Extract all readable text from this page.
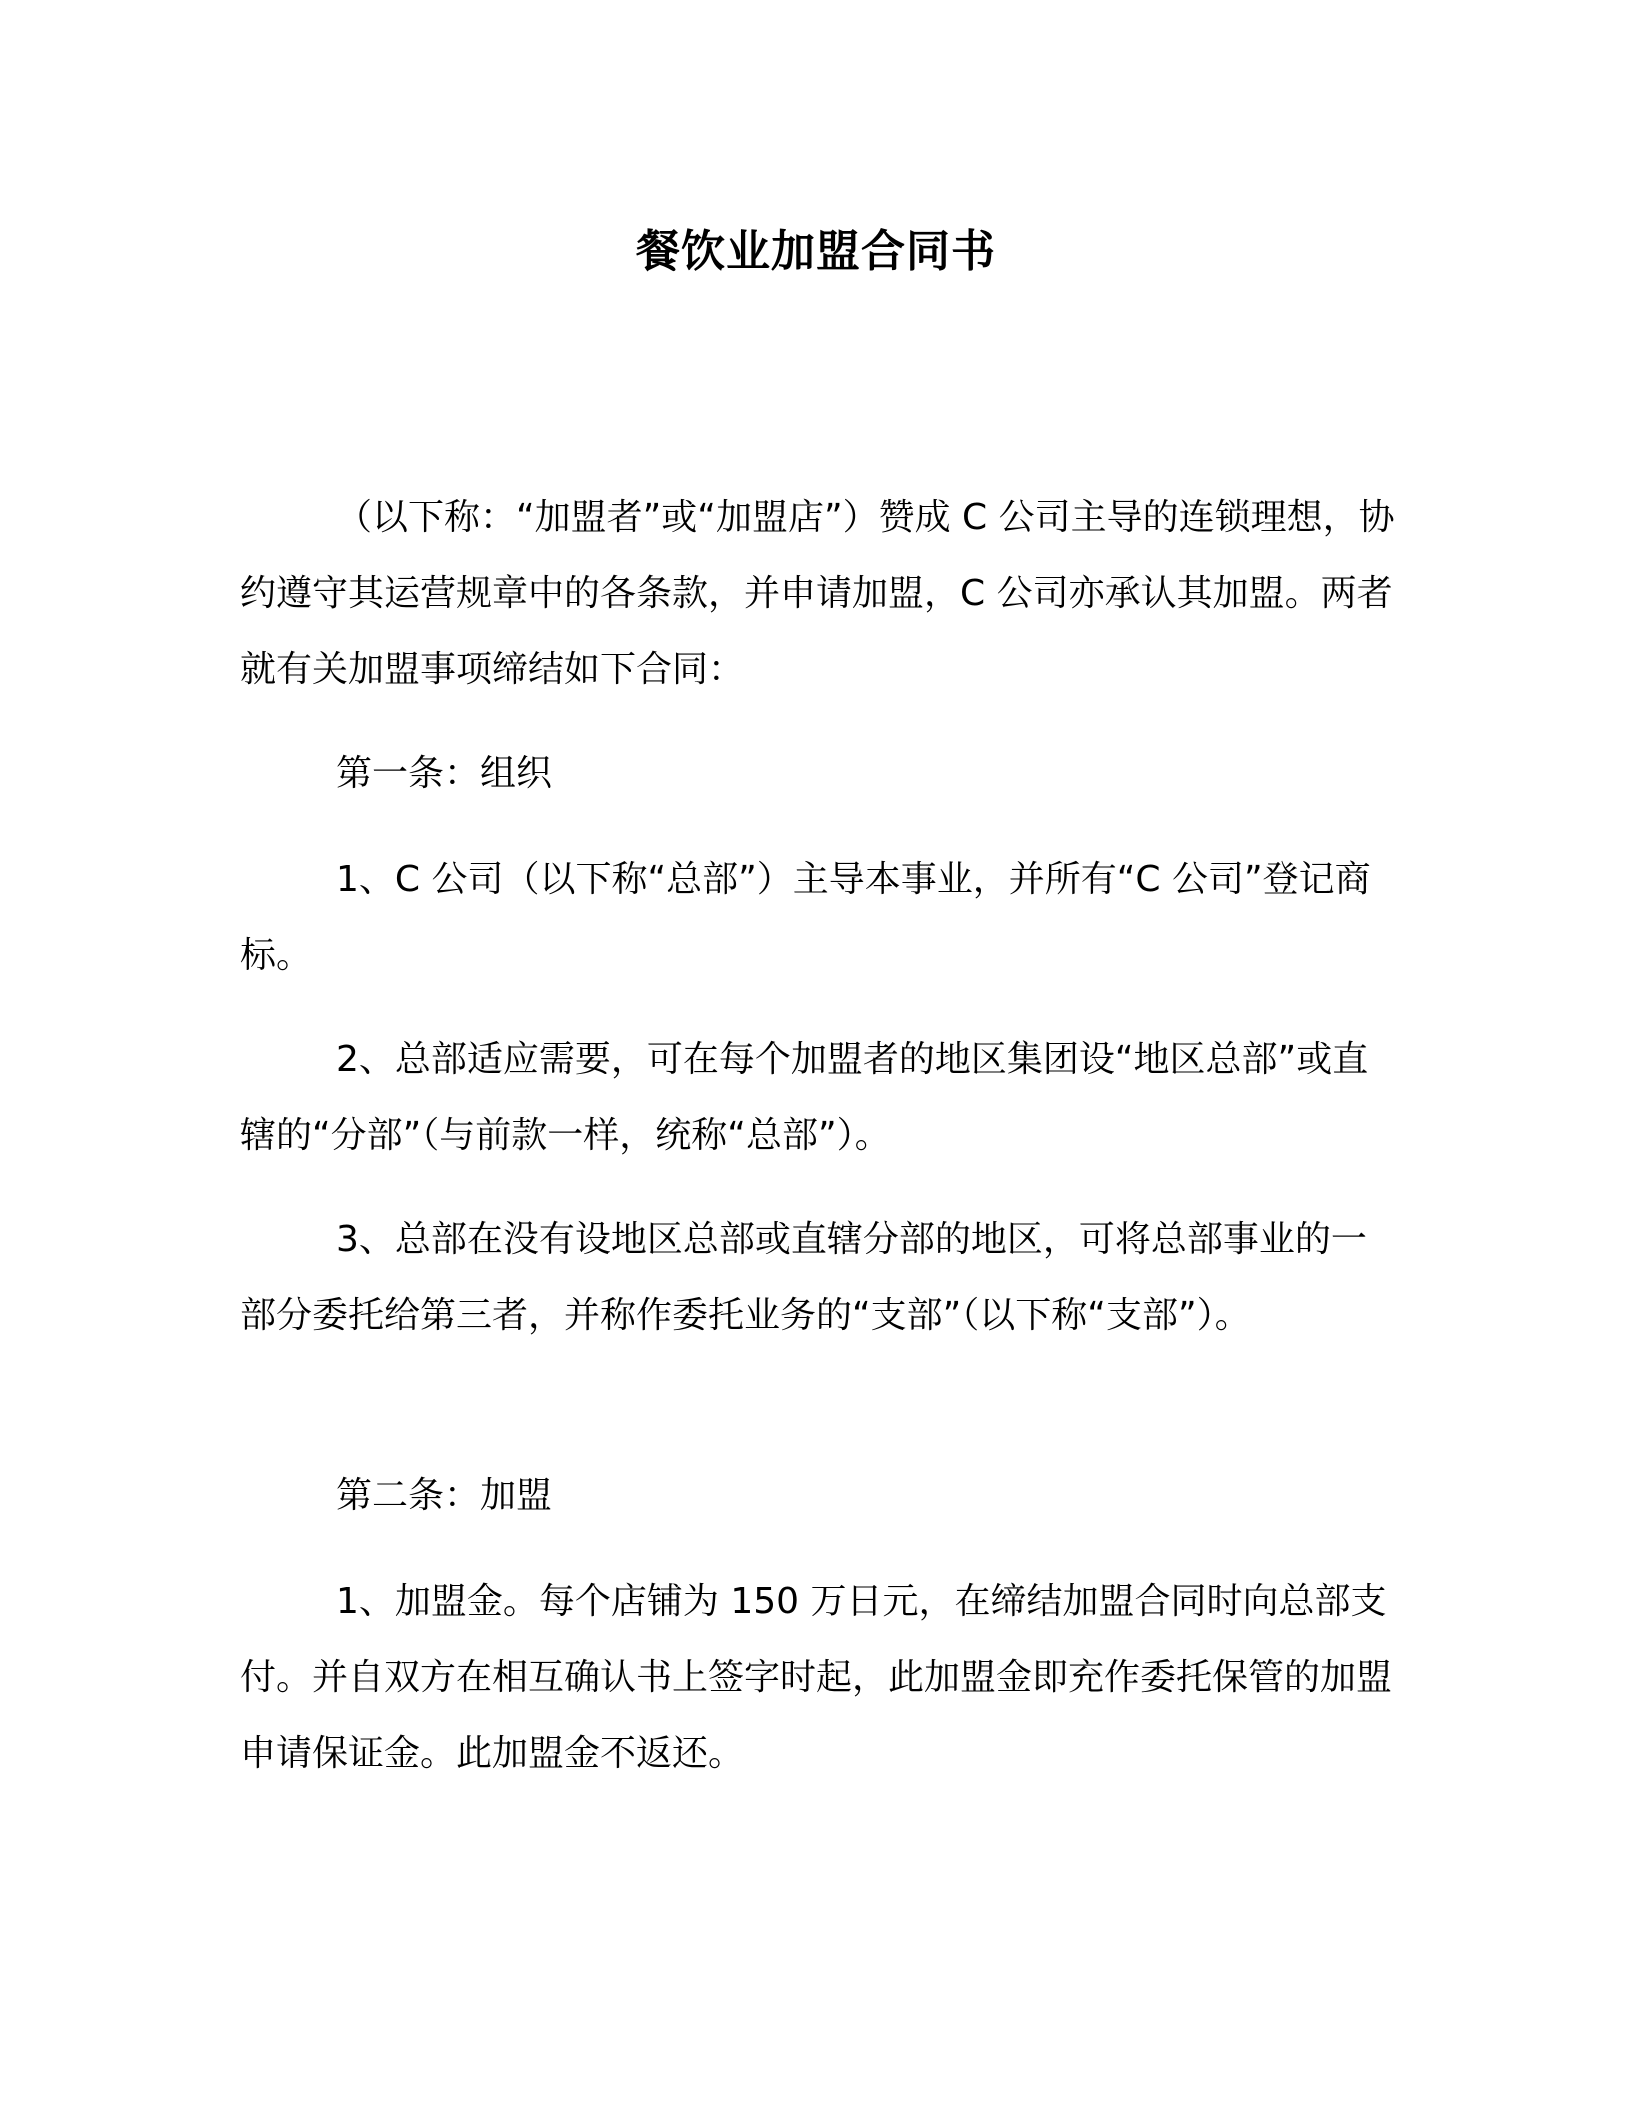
餐饮业加盟合同书

（以下称：“加盟者”或“加盟店”）赞成 C 公司主导的连锁理想，协约遵守其运营规章中的各条款，并申请加盟，C 公司亦承认其加盟。两者就有关加盟事项缔结如下合同：

第一条：组织

1、C 公司（以下称“总部”）主导本事业，并所有“C 公司”登记商标。

2、总部适应需要，可在每个加盟者的地区集团设“地区总部”或直辖的“分部”（与前款一样，统称“总部”）。

3、总部在没有设地区总部或直辖分部的地区，可将总部事业的一部分委托给第三者，并称作委托业务的“支部”（以下称“支部”）。

第二条：加盟

1、加盟金。每个店铺为 150 万日元，在缔结加盟合同时向总部支付。并自双方在相互确认书上签字时起，此加盟金即充作委托保管的加盟申请保证金。此加盟金不返还。
